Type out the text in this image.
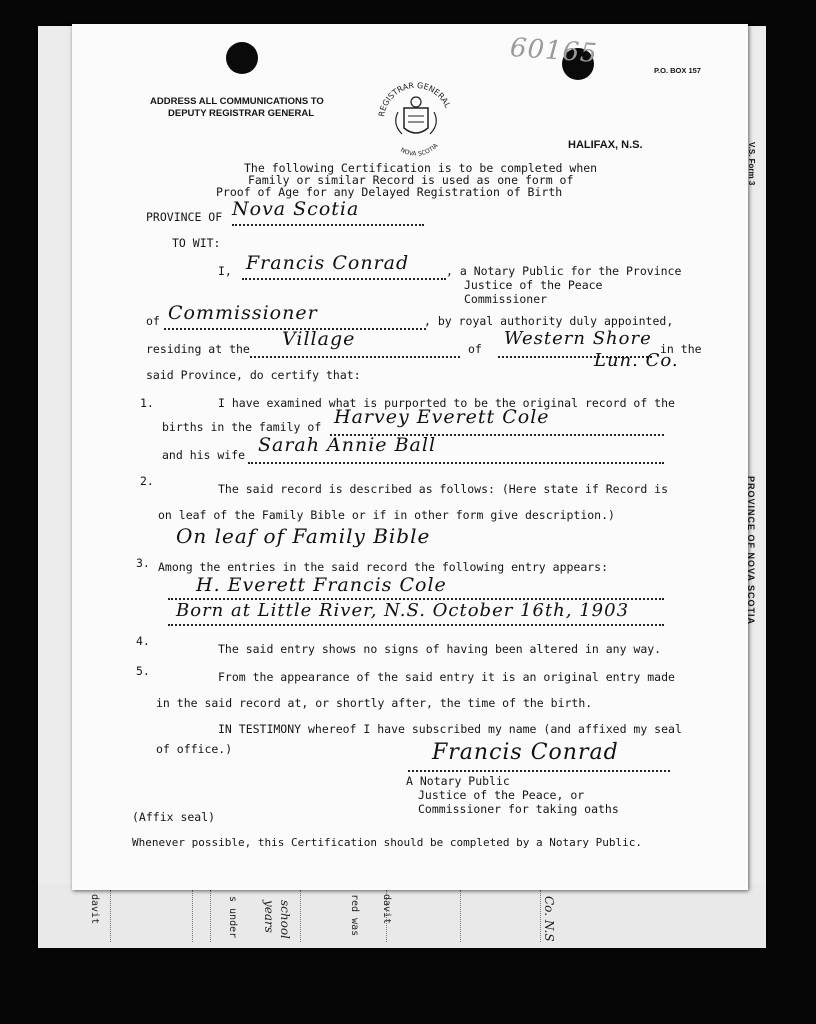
davit	s under	red was davit
school
years	Co. N.S
60165
ADDRESS ALL COMMUNICATIONS TO
DEPUTY REGISTRAR GENERAL	REGISTRAR GENERAL
NOVA SCOTIA
P.O. BOX 157
HALIFAX, N.S.	V.S. Form 3
PROVINCE OF NOVA SCOTIA
The following Certification is to be completed when
Family or similar Record is used as one form of
Proof of Age for any Delayed Registration of Birth
PROVINCE OF Nova Scotia
TO WIT:
I, Francis Conrad	, a Notary Public for the Province
Justice of the Peace
Commissioner
of Commissioner	, by royal authority duly appointed,
residing at the Village	of Western Shore in the
Lun. Co.
said Province, do certify that:
1.	I have examined what is purported to be the original record of the
births in the family of Harvey Everett Cole
and his wife Sarah Annie Ball
2.
The said record is described as follows: (Here state if Record is
on leaf of the Family Bible or if in other form give description.)
On leaf of Family Bible
3. Among the entries in the said record the following entry appears:
H. Everett Francis Cole
Born at Little River, N.S. October 16th, 1903
4.
The said entry shows no signs of having been altered in any way.
5.	From the appearance of the said entry it is an original entry made
in the said record at, or shortly after, the time of the birth.
IN TESTIMONY whereof I have subscribed my name (and affixed my seal
of office.)	Francis Conrad
A Notary Public
Justice of the Peace, or
Commissioner for taking oaths
(Affix seal)
Whenever possible, this Certification should be completed by a Notary Public.
